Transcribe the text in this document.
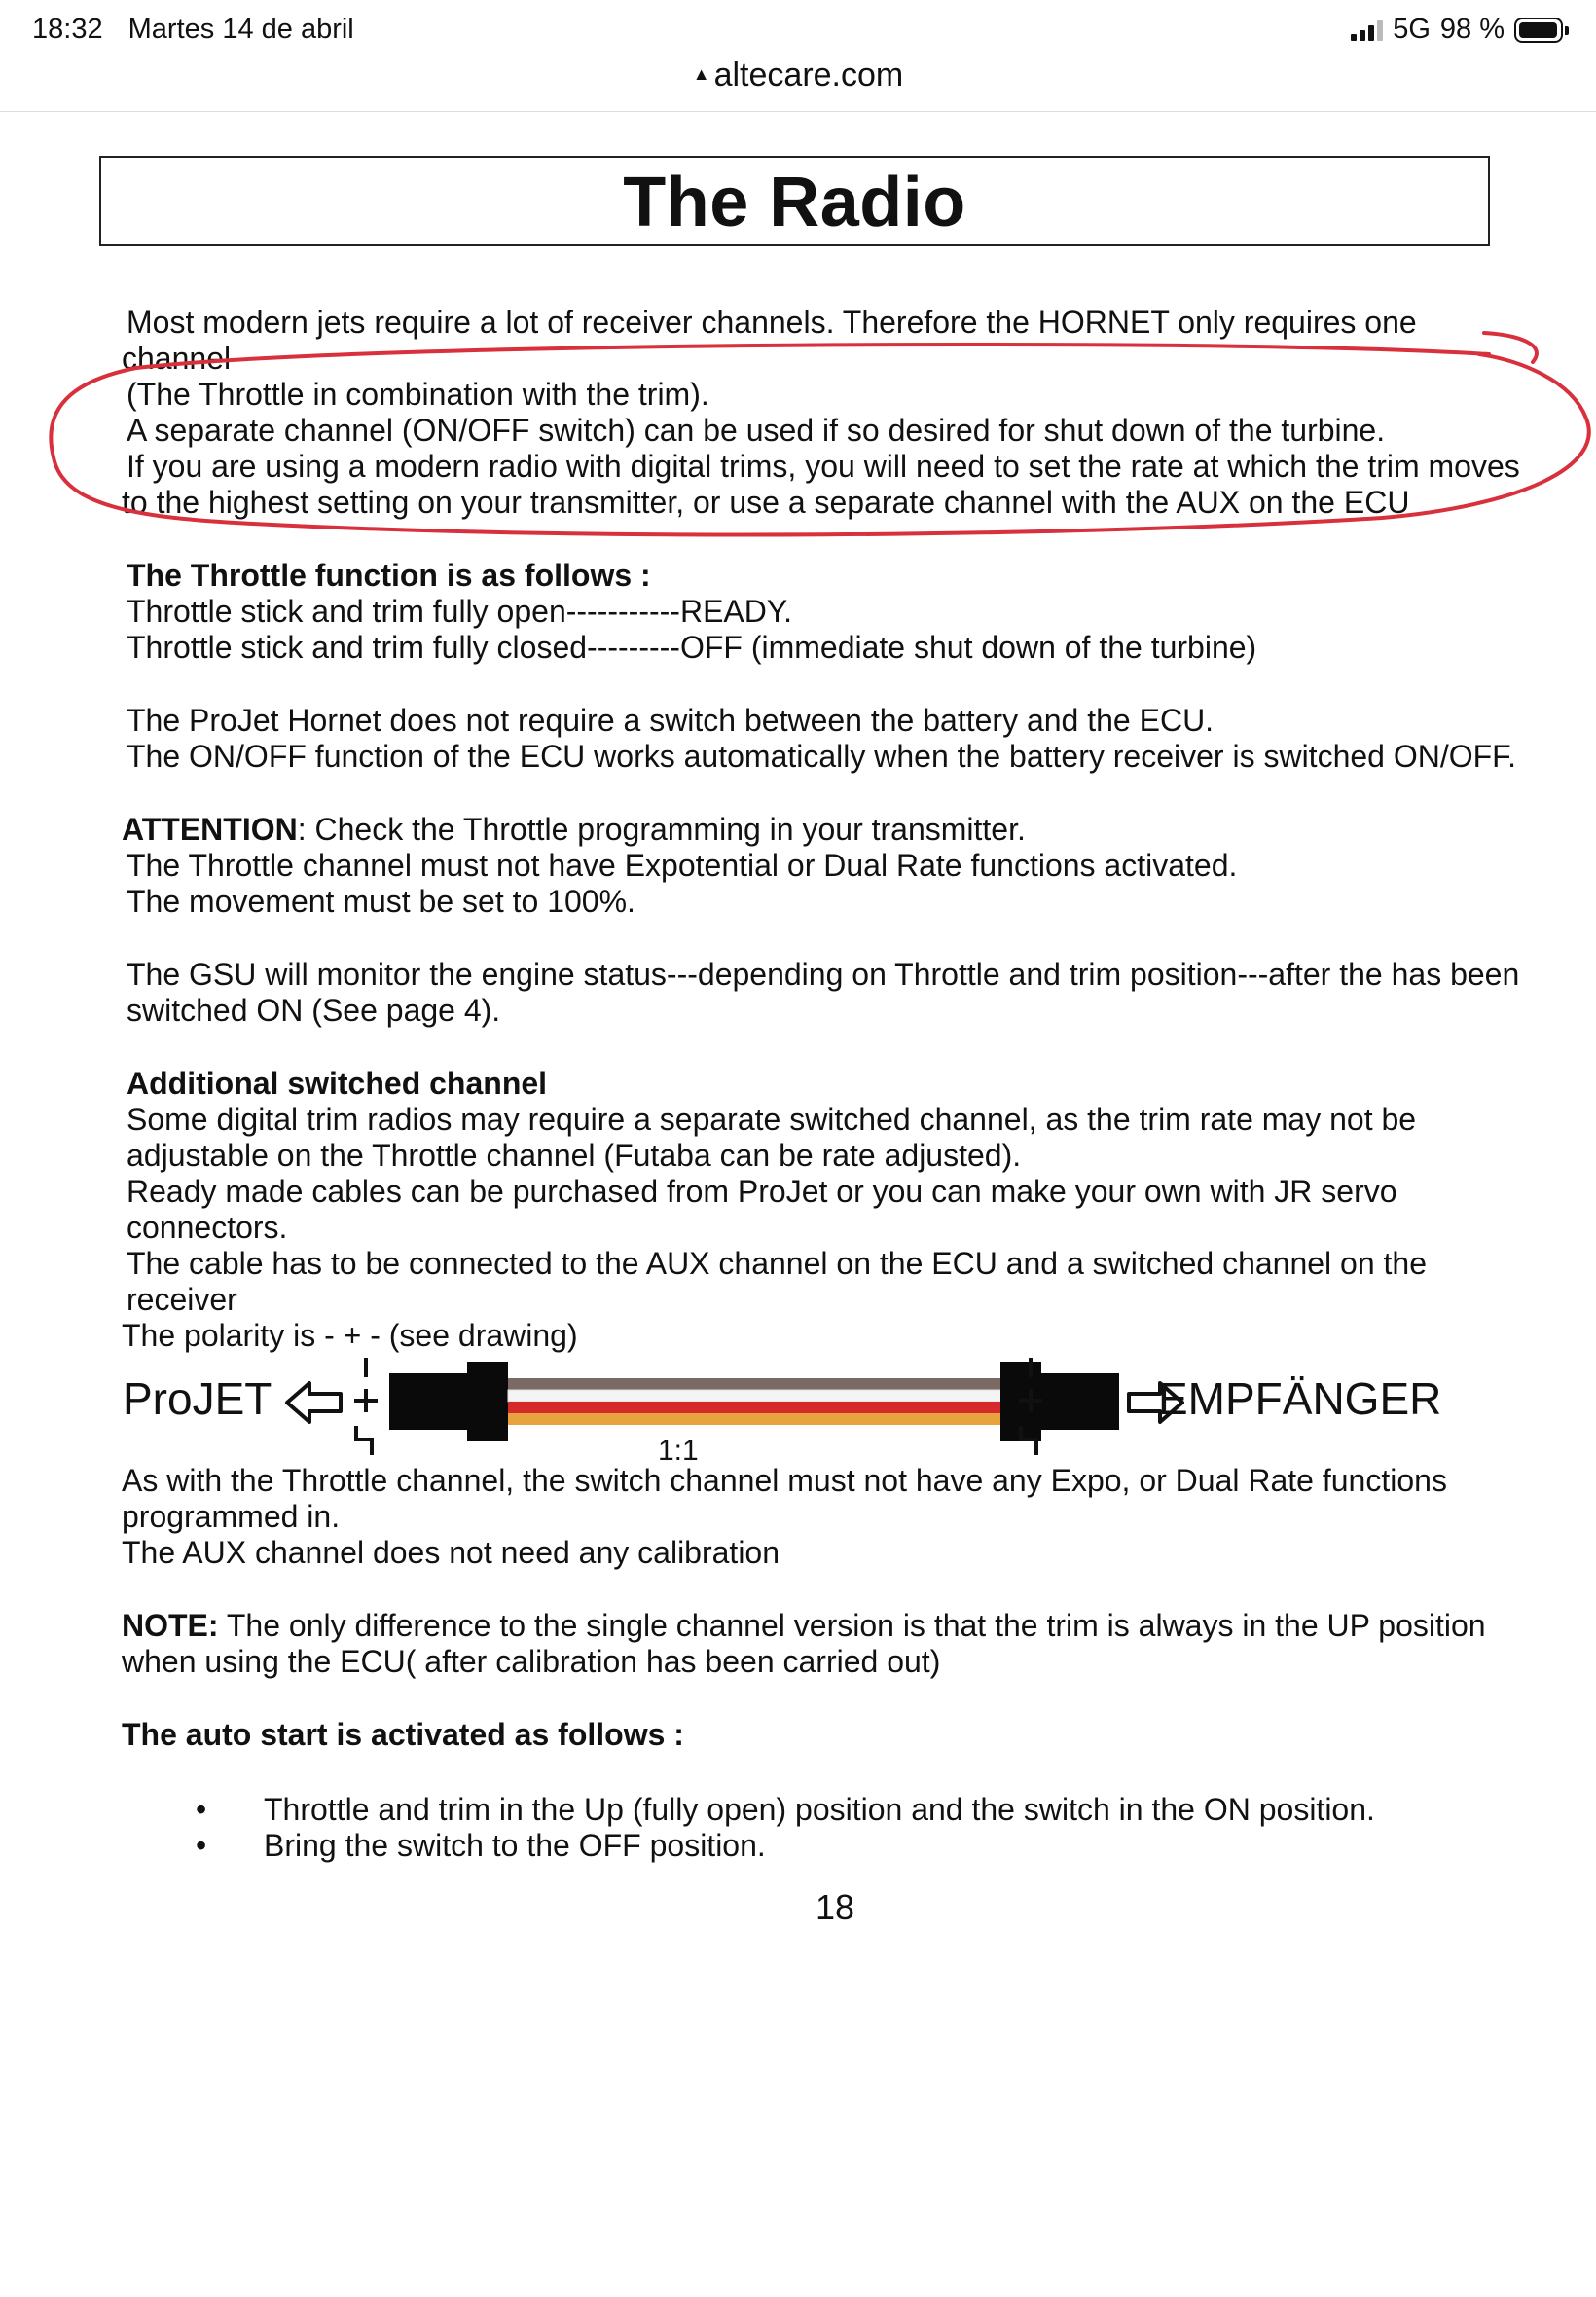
18:32 Martes 14 de abril	5G 98 %
▲ altecare.com
The Radio
Most modern jets require a lot of receiver channels. Therefore the HORNET only requires one
channel
(The Throttle in combination with the trim).
A separate channel (ON/OFF switch) can be used if so desired for shut down of the turbine.
If you are using a modern radio with digital trims, you will need to set the rate at which the trim moves
to the highest setting on your transmitter, or use a separate channel with the AUX on the ECU
The Throttle function is as follows :
Throttle stick and trim fully open-----------READY.
Throttle stick and trim fully closed---------OFF (immediate shut down of the turbine)
The ProJet Hornet does not require a switch between the battery and the ECU.
The ON/OFF function of the ECU works automatically when the battery receiver is switched ON/OFF.
ATTENTION: Check the Throttle programming in your transmitter.
The Throttle channel must not have Expotential or Dual Rate functions activated.
The movement must be set to 100%.
The GSU will monitor the engine status---depending on Throttle and trim position---after the has been
switched ON (See page 4).
Additional switched channel
Some digital trim radios may require a separate switched channel, as the trim rate may not be
adjustable on the Throttle channel (Futaba can be rate adjusted).
Ready made cables can be purchased from ProJet or you can make your own with JR servo
connectors.
The cable has to be connected to the AUX channel on the ECU and a switched channel on the
receiver
The polarity is - + - (see drawing)
ProJET
1:1
EMPFÄNGER
As with the Throttle channel, the switch channel must not have any Expo, or Dual Rate functions
programmed in.
The AUX channel does not need any calibration
NOTE: The only difference to the single channel version is that the trim is always in the UP position
when using the ECU( after calibration has been carried out)
The auto start is activated as follows :
• Throttle and trim in the Up (fully open) position and the switch in the ON position.
• Bring the switch to the OFF position.
18
